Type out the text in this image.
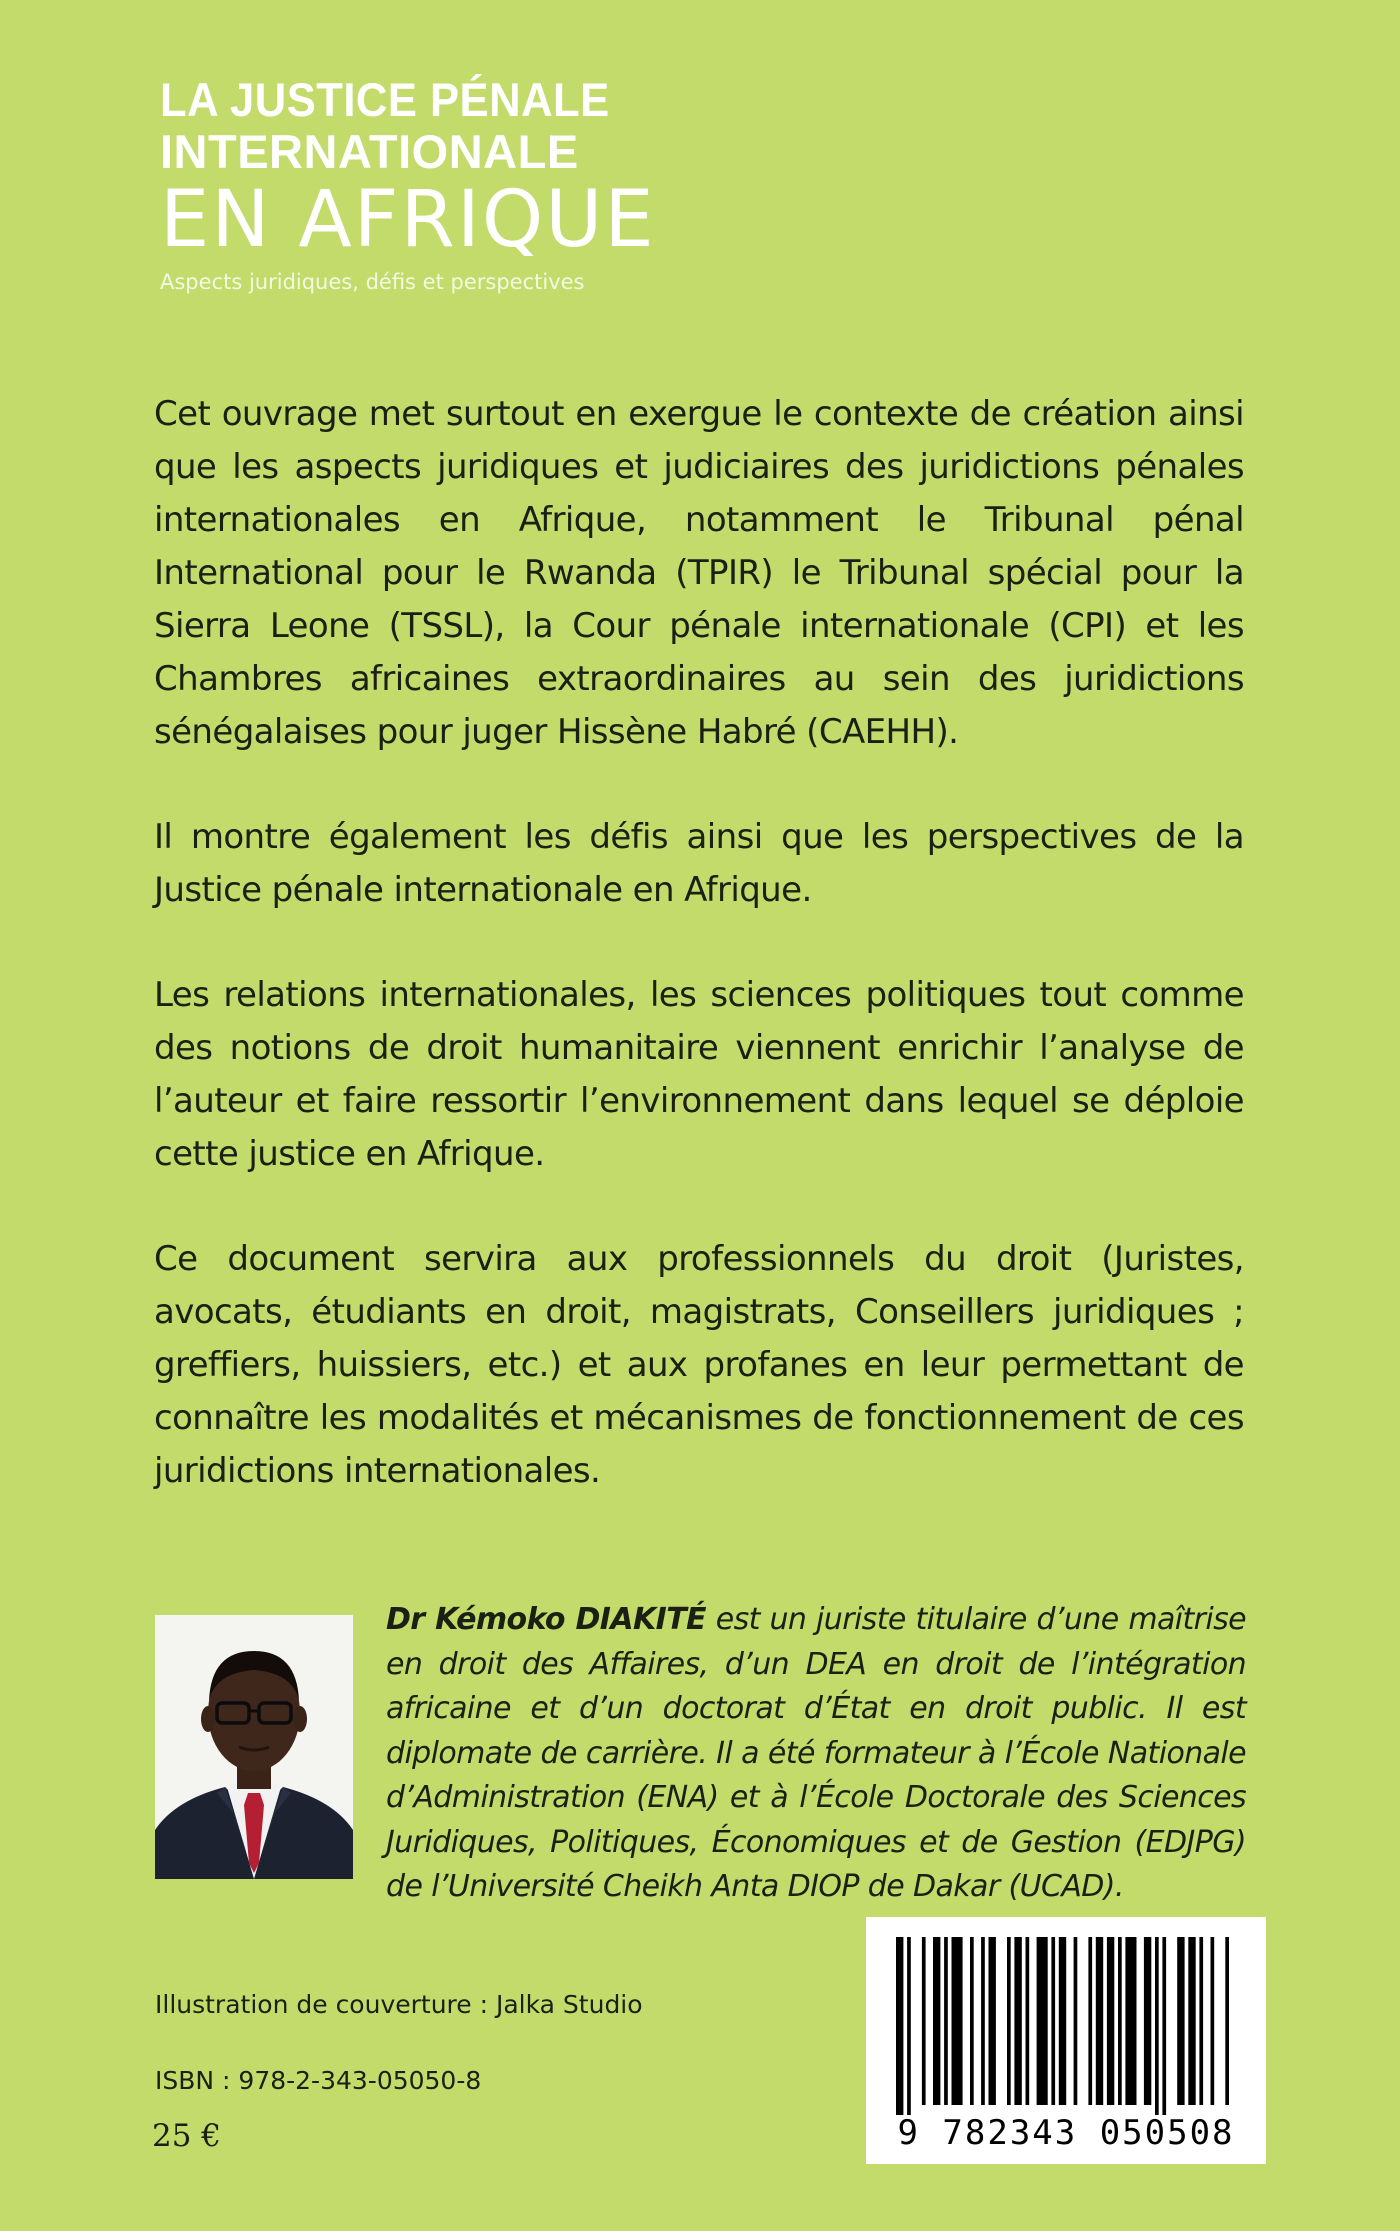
LA JUSTICE PÉNALE
INTERNATIONALE
EN AFRIQUE
Aspects juridiques, défis et perspectives

Cet ouvrage met surtout en exergue le contexte de création ainsi que les aspects juridiques et judiciaires des juridictions pénales internationales en Afrique, notamment le Tribunal pénal International pour le Rwanda (TPIR) le Tribunal spécial pour la Sierra Leone (TSSL), la Cour pénale internationale (CPI) et les Chambres africaines extraordinaires au sein des juridictions sénégalaises pour juger Hissène Habré (CAEHH).

Il montre également les défis ainsi que les perspectives de la Justice pénale internationale en Afrique.

Les relations internationales, les sciences politiques tout comme des notions de droit humanitaire viennent enrichir l’analyse de l’auteur et faire ressortir l’environnement dans lequel se déploie cette justice en Afrique.

Ce document servira aux professionnels du droit (Juristes, avocats, étudiants en droit, magistrats, Conseillers juridiques ; greffiers, huissiers, etc.) et aux profanes en leur permettant de connaître les modalités et mécanismes de fonctionnement de ces juridictions internationales.

Dr Kémoko DIAKITÉ est un juriste titulaire d’une maîtrise en droit des Affaires, d’un DEA en droit de l’intégration africaine et d’un doctorat d’État en droit public. Il est diplomate de carrière. Il a été formateur à l’École Nationale d’Administration (ENA) et à l’École Doctorale des Sciences Juridiques, Politiques, Économiques et de Gestion (EDJPG) de l’Université Cheikh Anta DIOP de Dakar (UCAD).
Illustration de couverture : Jalka Studio
ISBN : 978-2-343-05050-8
25 €	9 782343 050508
